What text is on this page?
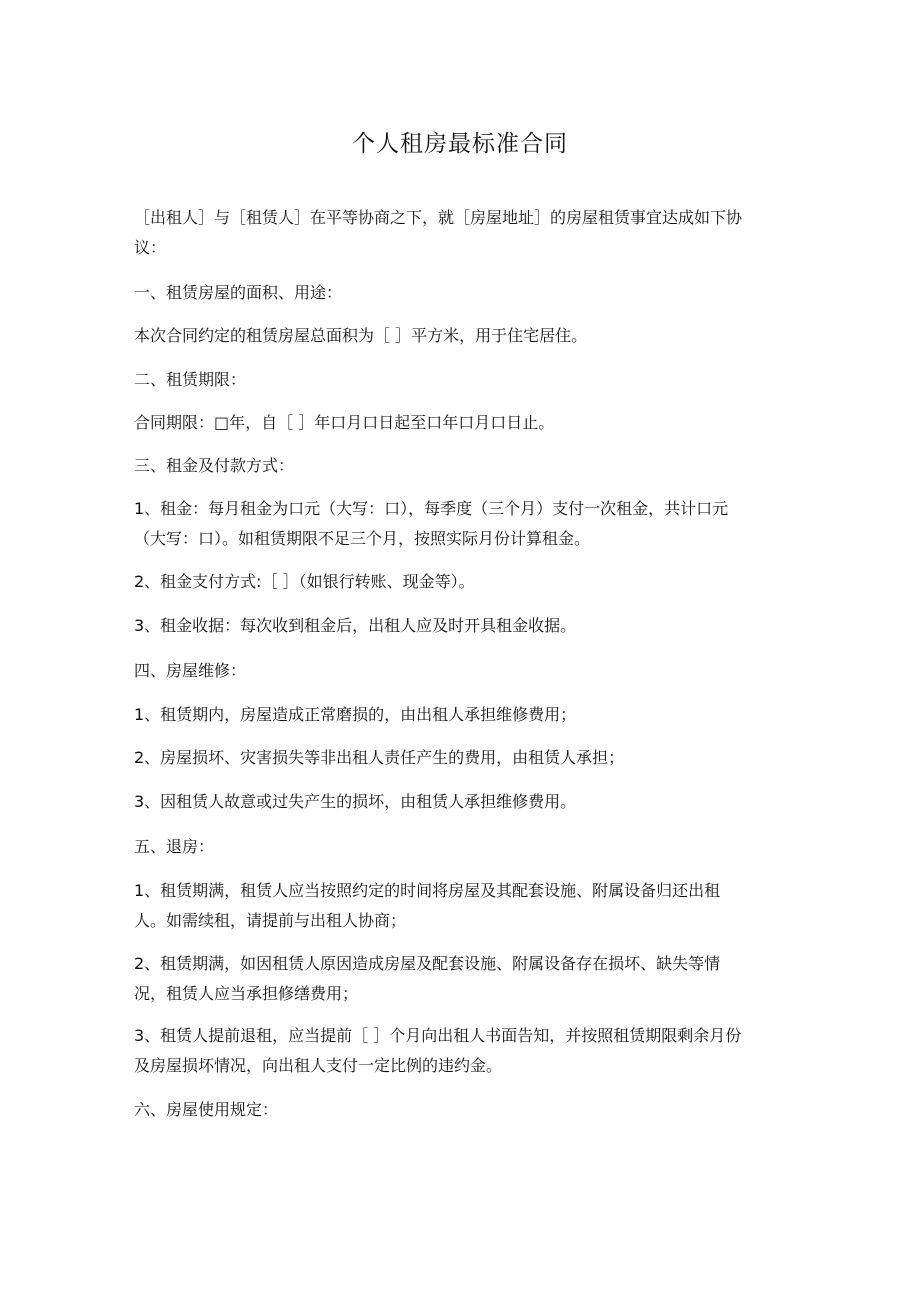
个人租房最标准合同
［出租人］与［租赁人］在平等协商之下，就［房屋地址］的房屋租赁事宜达成如下协
议：
一、租赁房屋的面积、用途：
本次合同约定的租赁房屋总面积为［ ］平方米，用于住宅居住。
二、租赁期限：
合同期限：□年，自［ ］年口月口日起至口年口月口日止。
三、租金及付款方式：
1、租金：每月租金为口元（大写：口），每季度（三个月）支付一次租金，共计口元
（大写：口）。如租赁期限不足三个月，按照实际月份计算租金。
2、租金支付方式:［ ］（如银行转账、现金等）。
3、租金收据：每次收到租金后，出租人应及时开具租金收据。
四、房屋维修：
1、租赁期内，房屋造成正常磨损的，由出租人承担维修费用；
2、房屋损坏、灾害损失等非出租人责任产生的费用，由租赁人承担；
3、因租赁人故意或过失产生的损坏，由租赁人承担维修费用。
五、退房：
1、租赁期满，租赁人应当按照约定的时间将房屋及其配套设施、附属设备归还出租
人。如需续租，请提前与出租人协商；
2、租赁期满，如因租赁人原因造成房屋及配套设施、附属设备存在损坏、缺失等情
况，租赁人应当承担修缮费用；
3、租赁人提前退租，应当提前［ ］个月向出租人书面告知，并按照租赁期限剩余月份
及房屋损坏情况，向出租人支付一定比例的违约金。
六、房屋使用规定：
